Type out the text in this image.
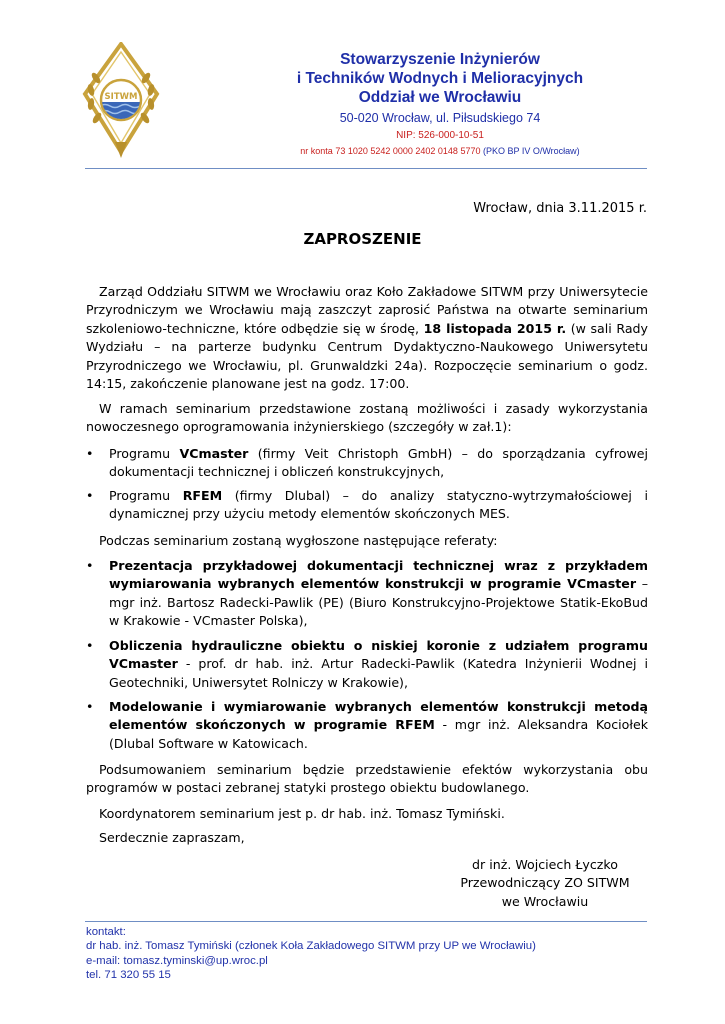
SITWM
Stowarzyszenie Inżynierów
i Techników Wodnych i Melioracyjnych
Oddział we Wrocławiu
50-020 Wrocław, ul. Piłsudskiego 74
NIP: 526-000-10-51
nr konta 73 1020 5242 0000 2402 0148 5770 (PKO BP IV O/Wrocław)
Wrocław, dnia 3.11.2015 r.
ZAPROSZENIE
Zarząd Oddziału SITWM we Wrocławiu oraz Koło Zakładowe SITWM przy Uniwersytecie Przyrodniczym we Wrocławiu mają zaszczyt zaprosić Państwa na otwarte seminarium szkoleniowo-techniczne, które odbędzie się w środę, 18 listopada 2015 r. (w sali Rady Wydziału – na parterze budynku Centrum Dydaktyczno-Naukowego Uniwersytetu Przyrodniczego we Wrocławiu, pl. Grunwaldzki 24a). Rozpoczęcie seminarium o godz. 14:15, zakończenie planowane jest na godz. 17:00.
W ramach seminarium przedstawione zostaną możliwości i zasady wykorzystania nowoczesnego oprogramowania inżynierskiego (szczegóły w zał.1):
• Programu VCmaster (firmy Veit Christoph GmbH) – do sporządzania cyfrowej dokumentacji technicznej i obliczeń konstrukcyjnych,
• Programu RFEM (firmy Dlubal) – do analizy statyczno-wytrzymałościowej i dynamicznej przy użyciu metody elementów skończonych MES.
Podczas seminarium zostaną wygłoszone następujące referaty:
• Prezentacja przykładowej dokumentacji technicznej wraz z przykładem wymiarowania wybranych elementów konstrukcji w programie VCmaster – mgr inż. Bartosz Radecki-Pawlik (PE) (Biuro Konstrukcyjno-Projektowe Statik-EkoBud w Krakowie - VCmaster Polska),
• Obliczenia hydrauliczne obiektu o niskiej koronie z udziałem programu VCmaster - prof. dr hab. inż. Artur Radecki-Pawlik (Katedra Inżynierii Wodnej i Geotechniki, Uniwersytet Rolniczy w Krakowie),
• Modelowanie i wymiarowanie wybranych elementów konstrukcji metodą elementów skończonych w programie RFEM - mgr inż. Aleksandra Kociołek (Dlubal Software w Katowicach.
Podsumowaniem seminarium będzie przedstawienie efektów wykorzystania obu programów w postaci zebranej statyki prostego obiektu budowlanego.
Koordynatorem seminarium jest p. dr hab. inż. Tomasz Tymiński.
Serdecznie zapraszam,
dr inż. Wojciech Łyczko
Przewodniczący ZO SITWM
we Wrocławiu
kontakt:
dr hab. inż. Tomasz Tymiński (członek Koła Zakładowego SITWM przy UP we Wrocławiu)
e-mail: tomasz.tyminski@up.wroc.pl
tel. 71 320 55 15
